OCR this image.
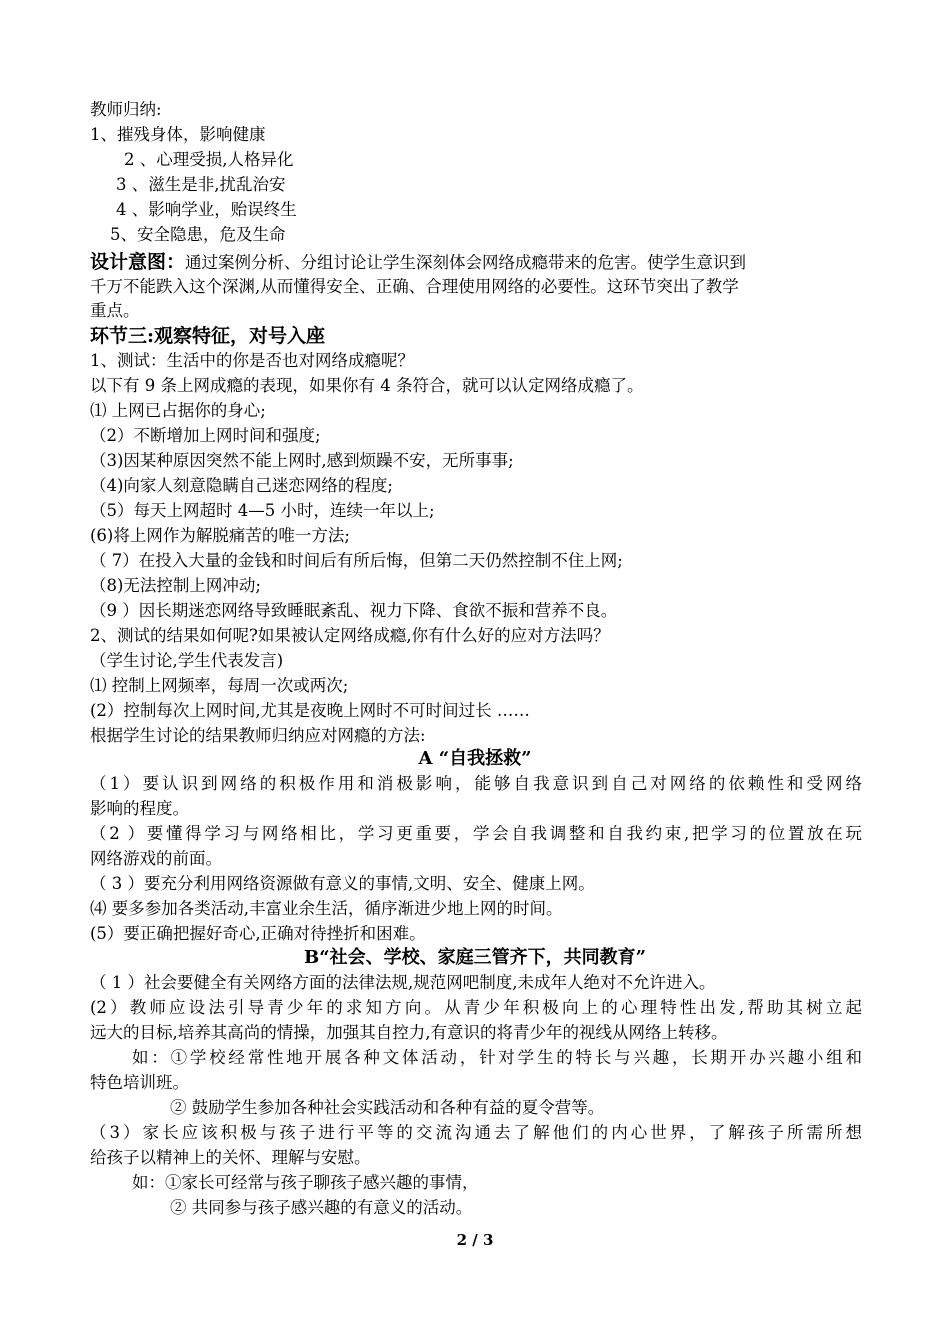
教师归纳:
1、摧残身体，影响健康
2 、心理受损,人格异化
3 、滋生是非,扰乱治安
4 、影响学业，贻误终生
5、安全隐患，危及生命
设计意图：通过案例分析、分组讨论让学生深刻体会网络成瘾带来的危害。使学生意识到
千万不能跌入这个深渊,从而懂得安全、正确、合理使用网络的必要性。这环节突出了教学
重点。
环节三:观察特征，对号入座
1、测试：生活中的你是否也对网络成瘾呢？
以下有 9 条上网成瘾的表现，如果你有 4 条符合，就可以认定网络成瘾了。
⑴ 上网已占据你的身心;
（2）不断增加上网时间和强度;
（3)因某种原因突然不能上网时,感到烦躁不安，无所事事;
（4)向家人刻意隐瞒自己迷恋网络的程度;
（5）每天上网超时 4—5 小时，连续一年以上;
(6)将上网作为解脱痛苦的唯一方法;
（ 7）在投入大量的金钱和时间后有所后悔，但第二天仍然控制不住上网;
（8)无法控制上网冲动;
（9 ）因长期迷恋网络导致睡眠紊乱、视力下降、食欲不振和营养不良。
2、测试的结果如何呢?如果被认定网络成瘾,你有什么好的应对方法吗？
（学生讨论,学生代表发言)
⑴ 控制上网频率，每周一次或两次;
(2）控制每次上网时间,尤其是夜晚上网时不可时间过长 ……
根据学生讨论的结果教师归纳应对网瘾的方法:
A “自我拯救”
（1）要认识到网络的积极作用和消极影响，能够自我意识到自己对网络的依赖性和受网络
影响的程度。
（2 ）要懂得学习与网络相比，学习更重要，学会自我调整和自我约束,把学习的位置放在玩
网络游戏的前面。
（ 3 ）要充分利用网络资源做有意义的事情,文明、安全、健康上网。
⑷ 要多参加各类活动,丰富业余生活，循序渐进少地上网的时间。
(5）要正确把握好奇心,正确对待挫折和困难。
B“社会、学校、家庭三管齐下，共同教育”
（ 1 ）社会要健全有关网络方面的法律法规,规范网吧制度,未成年人绝对不允许进入。
(2）教师应设法引导青少年的求知方向。从青少年积极向上的心理特性出发,帮助其树立起
远大的目标,培养其高尚的情操，加强其自控力,有意识的将青少年的视线从网络上转移。
如：①学校经常性地开展各种文体活动，针对学生的特长与兴趣，长期开办兴趣小组和
特色培训班。
② 鼓励学生参加各种社会实践活动和各种有益的夏令营等。
（3）家长应该积极与孩子进行平等的交流沟通去了解他们的内心世界，了解孩子所需所想
给孩子以精神上的关怀、理解与安慰。
如：①家长可经常与孩子聊孩子感兴趣的事情，
② 共同参与孩子感兴趣的有意义的活动。
2 / 3
